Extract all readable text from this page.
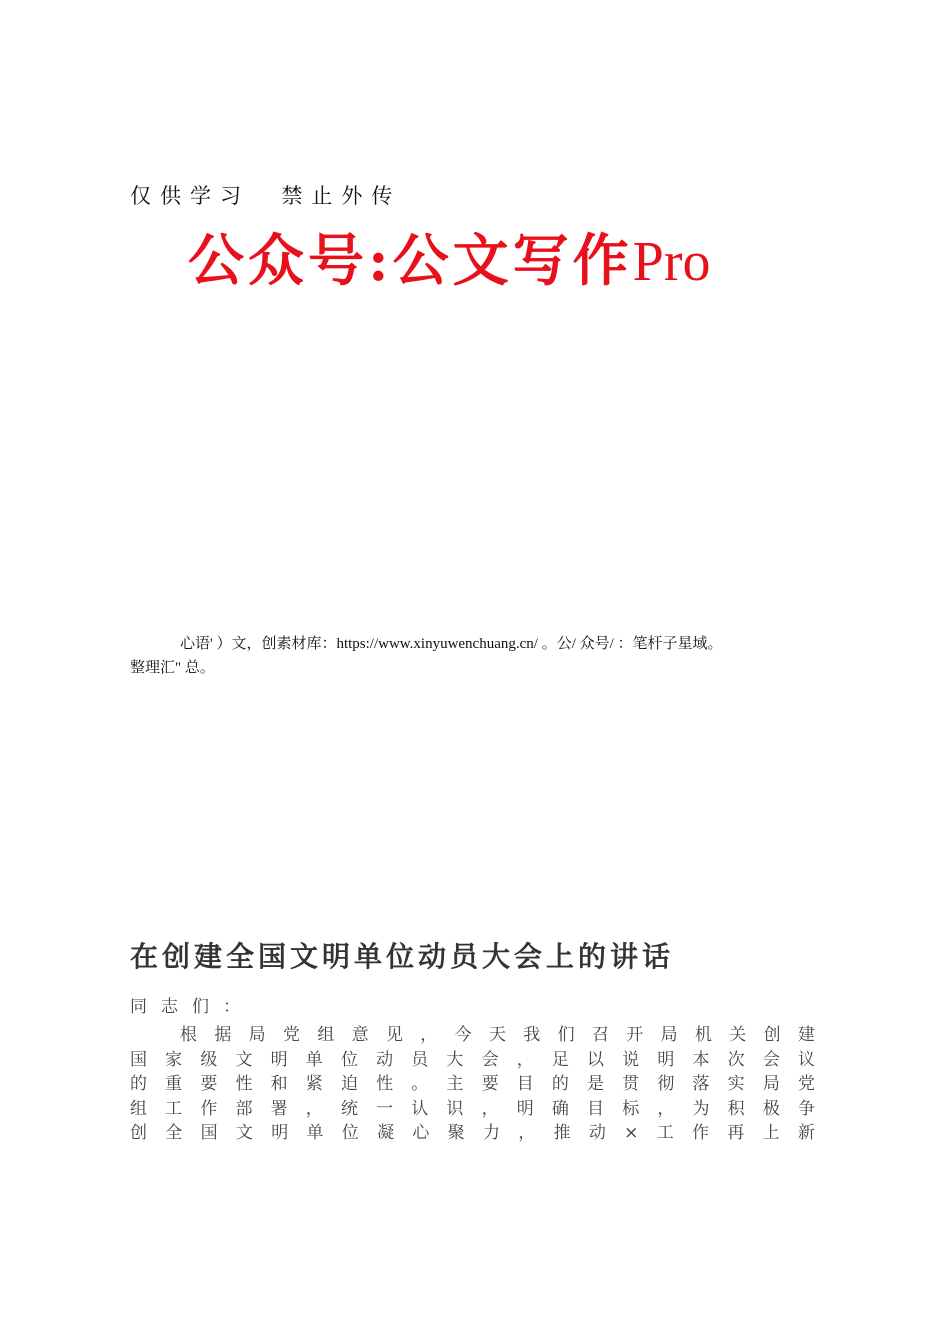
仅供学习  禁止外传
公众号:公文写作Pro
心语' ）文，创素材库：https://www.xinyuwenchuang.cn/ 。公/ 众号/ ：笔杆子星域。
整理汇" 总。
在创建全国文明单位动员大会上的讲话
同志们：
根 据 局 党 组 意 见 ， 今 天 我 们 召 开 局 机 关 创 建
国 家 级 文 明 单 位 动 员 大 会 ， 足 以 说 明 本 次 会 议
的 重 要 性 和 紧 迫 性 。 主 要 目 的 是 贯 彻 落 实 局 党
组 工 作 部 署 ， 统 一 认 识 ， 明 确 目 标 ， 为 积 极 争
创 全 国 文 明 单 位 凝 心 聚 力 ， 推 动 × 工 作 再 上 新
